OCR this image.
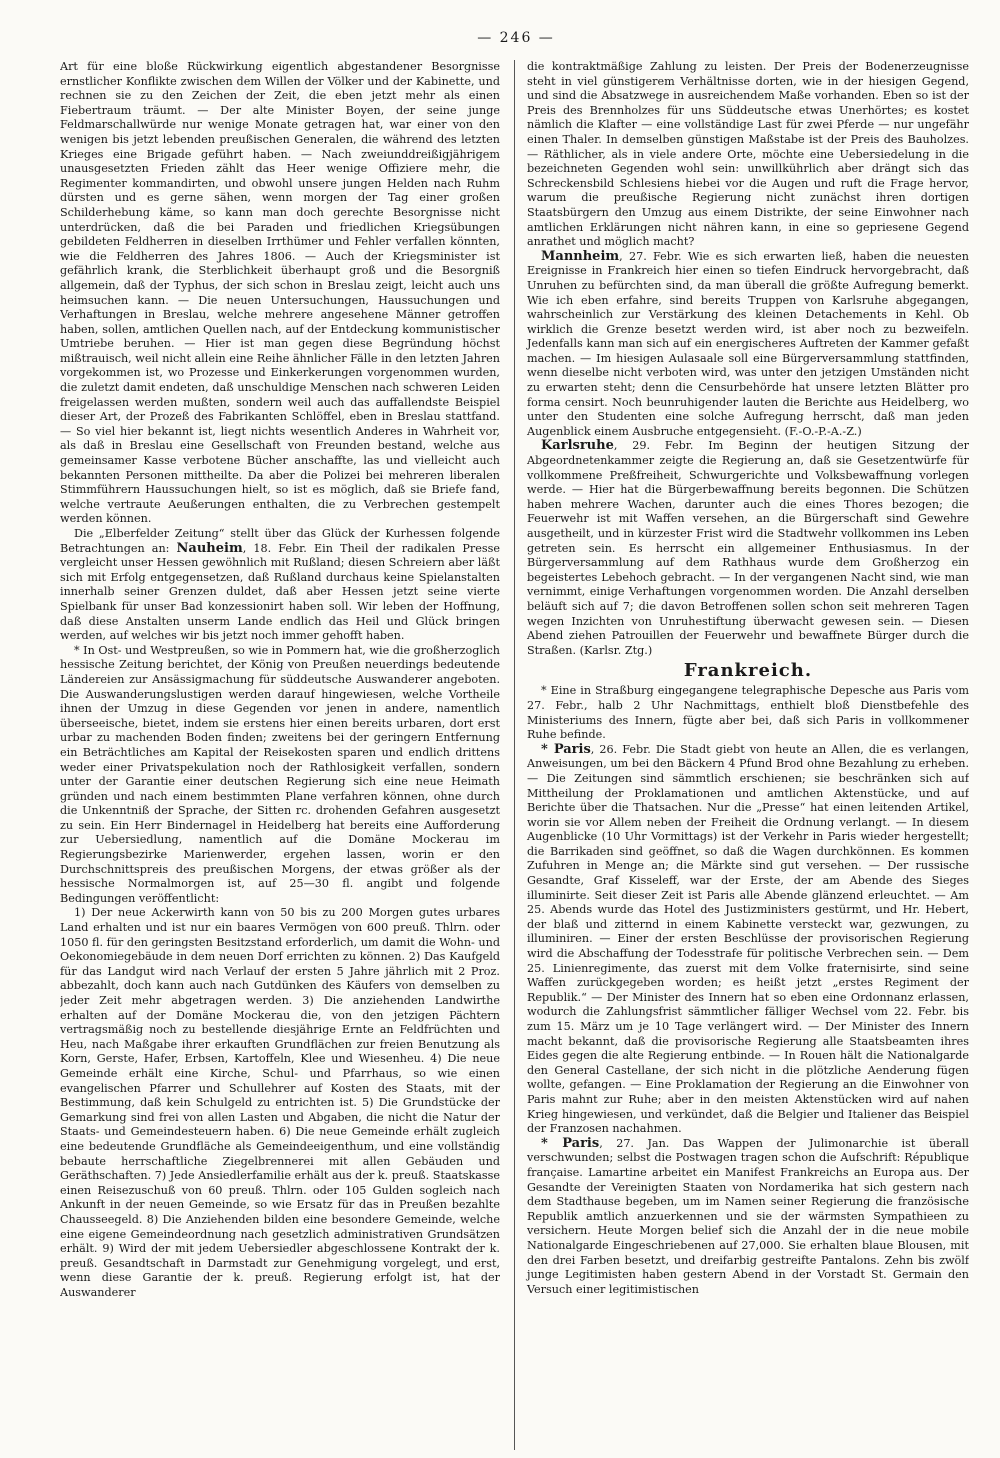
— 246 —

Art für eine bloße Rückwirkung eigentlich abgestandener Besorgnisse ernstlicher Konflikte zwischen dem Willen der Völker und der Kabinette, und rechnen sie zu den Zeichen der Zeit, die eben jetzt mehr als einen Fiebertraum träumt. — Der alte Minister Boyen, der seine junge Feldmarschallwürde nur wenige Monate getragen hat, war einer von den wenigen bis jetzt lebenden preußischen Generalen, die während des letzten Krieges eine Brigade geführt haben. — Nach zweiunddreißigjährigem unausgesetzten Frieden zählt das Heer wenige Offiziere mehr, die Regimenter kommandirten, und obwohl unsere jungen Helden nach Ruhm dürsten und es gerne sähen, wenn morgen der Tag einer großen Schilderhebung käme, so kann man doch gerechte Besorgnisse nicht unterdrücken, daß die bei Paraden und friedlichen Kriegsübungen gebildeten Feldherren in dieselben Irrthümer und Fehler verfallen könnten, wie die Feldherren des Jahres 1806. — Auch der Kriegsminister ist gefährlich krank, die Sterblichkeit überhaupt groß und die Besorgniß allgemein, daß der Typhus, der sich schon in Breslau zeigt, leicht auch uns heimsuchen kann. — Die neuen Untersuchungen, Haussuchungen und Verhaftungen in Breslau, welche mehrere angesehene Männer getroffen haben, sollen, amtlichen Quellen nach, auf der Entdeckung kommunistischer Umtriebe beruhen. — Hier ist man gegen diese Begründung höchst mißtrauisch, weil nicht allein eine Reihe ähnlicher Fälle in den letzten Jahren vorgekommen ist, wo Prozesse und Einkerkerungen vorgenommen wurden, die zuletzt damit endeten, daß unschuldige Menschen nach schweren Leiden freigelassen werden mußten, sondern weil auch das auffallendste Beispiel dieser Art, der Prozeß des Fabrikanten Schlöffel, eben in Breslau stattfand. — So viel hier bekannt ist, liegt nichts wesentlich Anderes in Wahrheit vor, als daß in Breslau eine Gesellschaft von Freunden bestand, welche aus gemeinsamer Kasse verbotene Bücher anschaffte, las und vielleicht auch bekannten Personen mittheilte. Da aber die Polizei bei mehreren liberalen Stimmführern Haussuchungen hielt, so ist es möglich, daß sie Briefe fand, welche vertraute Aeußerungen enthalten, die zu Verbrechen gestempelt werden können.

Die „Elberfelder Zeitung“ stellt über das Glück der Kurhessen folgende Betrachtungen an: Nauheim, 18. Febr. Ein Theil der radikalen Presse vergleicht unser Hessen gewöhnlich mit Rußland; diesen Schreiern aber läßt sich mit Erfolg entgegensetzen, daß Rußland durchaus keine Spielanstalten innerhalb seiner Grenzen duldet, daß aber Hessen jetzt seine vierte Spielbank für unser Bad konzessionirt haben soll. Wir leben der Hoffnung, daß diese Anstalten unserm Lande endlich das Heil und Glück bringen werden, auf welches wir bis jetzt noch immer gehofft haben.

* In Ost- und Westpreußen, so wie in Pommern hat, wie die großherzoglich hessische Zeitung berichtet, der König von Preußen neuerdings bedeutende Ländereien zur Ansässigmachung für süddeutsche Auswanderer angeboten. Die Auswanderungslustigen werden darauf hingewiesen, welche Vortheile ihnen der Umzug in diese Gegenden vor jenen in andere, namentlich überseeische, bietet, indem sie erstens hier einen bereits urbaren, dort erst urbar zu machenden Boden finden; zweitens bei der geringern Entfernung ein Beträchtliches am Kapital der Reisekosten sparen und endlich drittens weder einer Privatspekulation noch der Rathlosigkeit verfallen, sondern unter der Garantie einer deutschen Regierung sich eine neue Heimath gründen und nach einem bestimmten Plane verfahren können, ohne durch die Unkenntniß der Sprache, der Sitten rc. drohenden Gefahren ausgesetzt zu sein. Ein Herr Bindernagel in Heidelberg hat bereits eine Aufforderung zur Uebersiedlung, namentlich auf die Domäne Mockerau im Regierungsbezirke Marienwerder, ergehen lassen, worin er den Durchschnittspreis des preußischen Morgens, der etwas größer als der hessische Normalmorgen ist, auf 25—30 fl. angibt und folgende Bedingungen veröffentlicht:

1) Der neue Ackerwirth kann von 50 bis zu 200 Morgen gutes urbares Land erhalten und ist nur ein baares Vermögen von 600 preuß. Thlrn. oder 1050 fl. für den geringsten Besitzstand erforderlich, um damit die Wohn- und Oekonomiegebäude in dem neuen Dorf errichten zu können. 2) Das Kaufgeld für das Landgut wird nach Verlauf der ersten 5 Jahre jährlich mit 2 Proz. abbezahlt, doch kann auch nach Gutdünken des Käufers von demselben zu jeder Zeit mehr abgetragen werden. 3) Die anziehenden Landwirthe erhalten auf der Domäne Mockerau die, von den jetzigen Pächtern vertragsmäßig noch zu bestellende diesjährige Ernte an Feldfrüchten und Heu, nach Maßgabe ihrer erkauften Grundflächen zur freien Benutzung als Korn, Gerste, Hafer, Erbsen, Kartoffeln, Klee und Wiesenheu. 4) Die neue Gemeinde erhält eine Kirche, Schul- und Pfarrhaus, so wie einen evangelischen Pfarrer und Schullehrer auf Kosten des Staats, mit der Bestimmung, daß kein Schulgeld zu entrichten ist. 5) Die Grundstücke der Gemarkung sind frei von allen Lasten und Abgaben, die nicht die Natur der Staats- und Gemeindesteuern haben. 6) Die neue Gemeinde erhält zugleich eine bedeutende Grundfläche als Gemeindeeigenthum, und eine vollständig bebaute herrschaftliche Ziegelbrennerei mit allen Gebäuden und Geräthschaften. 7) Jede Ansiedlerfamilie erhält aus der k. preuß. Staatskasse einen Reisezuschuß von 60 preuß. Thlrn. oder 105 Gulden sogleich nach Ankunft in der neuen Gemeinde, so wie Ersatz für das in Preußen bezahlte Chausseegeld. 8) Die Anziehenden bilden eine besondere Gemeinde, welche eine eigene Gemeindeordnung nach gesetzlich administrativen Grundsätzen erhält. 9) Wird der mit jedem Uebersiedler abgeschlossene Kontrakt der k. preuß. Gesandtschaft in Darmstadt zur Genehmigung vorgelegt, und erst, wenn diese Garantie der k. preuß. Regierung erfolgt ist, hat der Auswanderer

die kontraktmäßige Zahlung zu leisten. Der Preis der Bodenerzeugnisse steht in viel günstigerem Verhältnisse dorten, wie in der hiesigen Gegend, und sind die Absatzwege in ausreichendem Maße vorhanden. Eben so ist der Preis des Brennholzes für uns Süddeutsche etwas Unerhörtes; es kostet nämlich die Klafter — eine vollständige Last für zwei Pferde — nur ungefähr einen Thaler. In demselben günstigen Maßstabe ist der Preis des Bauholzes. — Räthlicher, als in viele andere Orte, möchte eine Uebersiedelung in die bezeichneten Gegenden wohl sein: unwillkührlich aber drängt sich das Schreckensbild Schlesiens hiebei vor die Augen und ruft die Frage hervor, warum die preußische Regierung nicht zunächst ihren dortigen Staatsbürgern den Umzug aus einem Distrikte, der seine Einwohner nach amtlichen Erklärungen nicht nähren kann, in eine so gepriesene Gegend anrathet und möglich macht?

Mannheim, 27. Febr. Wie es sich erwarten ließ, haben die neuesten Ereignisse in Frankreich hier einen so tiefen Eindruck hervorgebracht, daß Unruhen zu befürchten sind, da man überall die größte Aufregung bemerkt. Wie ich eben erfahre, sind bereits Truppen von Karlsruhe abgegangen, wahrscheinlich zur Verstärkung des kleinen Detachements in Kehl. Ob wirklich die Grenze besetzt werden wird, ist aber noch zu bezweifeln. Jedenfalls kann man sich auf ein energischeres Auftreten der Kammer gefaßt machen. — Im hiesigen Aulasaale soll eine Bürgerversammlung stattfinden, wenn dieselbe nicht verboten wird, was unter den jetzigen Umständen nicht zu erwarten steht; denn die Censurbehörde hat unsere letzten Blätter pro forma censirt. Noch beunruhigender lauten die Berichte aus Heidelberg, wo unter den Studenten eine solche Aufregung herrscht, daß man jeden Augenblick einem Ausbruche entgegensieht. (F.-O.-P.-A.-Z.)

Karlsruhe, 29. Febr. Im Beginn der heutigen Sitzung der Abgeordnetenkammer zeigte die Regierung an, daß sie Gesetzentwürfe für vollkommene Preßfreiheit, Schwurgerichte und Volksbewaffnung vorlegen werde. — Hier hat die Bürgerbewaffnung bereits begonnen. Die Schützen haben mehrere Wachen, darunter auch die eines Thores bezogen; die Feuerwehr ist mit Waffen versehen, an die Bürgerschaft sind Gewehre ausgetheilt, und in kürzester Frist wird die Stadtwehr vollkommen ins Leben getreten sein. Es herrscht ein allgemeiner Enthusiasmus. In der Bürgerversammlung auf dem Rathhaus wurde dem Großherzog ein begeistertes Lebehoch gebracht. — In der vergangenen Nacht sind, wie man vernimmt, einige Verhaftungen vorgenommen worden. Die Anzahl derselben beläuft sich auf 7; die davon Betroffenen sollen schon seit mehreren Tagen wegen Inzichten von Unruhestiftung überwacht gewesen sein. — Diesen Abend ziehen Patrouillen der Feuerwehr und bewaffnete Bürger durch die Straßen. (Karlsr. Ztg.)

Frankreich.

* Eine in Straßburg eingegangene telegraphische Depesche aus Paris vom 27. Febr., halb 2 Uhr Nachmittags, enthielt bloß Dienstbefehle des Ministeriums des Innern, fügte aber bei, daß sich Paris in vollkommener Ruhe befinde.

* Paris, 26. Febr. Die Stadt giebt von heute an Allen, die es verlangen, Anweisungen, um bei den Bäckern 4 Pfund Brod ohne Bezahlung zu erheben. — Die Zeitungen sind sämmtlich erschienen; sie beschränken sich auf Mittheilung der Proklamationen und amtlichen Aktenstücke, und auf Berichte über die Thatsachen. Nur die „Presse“ hat einen leitenden Artikel, worin sie vor Allem neben der Freiheit die Ordnung verlangt. — In diesem Augenblicke (10 Uhr Vormittags) ist der Verkehr in Paris wieder hergestellt; die Barrikaden sind geöffnet, so daß die Wagen durchkönnen. Es kommen Zufuhren in Menge an; die Märkte sind gut versehen. — Der russische Gesandte, Graf Kisseleff, war der Erste, der am Abende des Sieges illuminirte. Seit dieser Zeit ist Paris alle Abende glänzend erleuchtet. — Am 25. Abends wurde das Hotel des Justizministers gestürmt, und Hr. Hebert, der blaß und zitternd in einem Kabinette versteckt war, gezwungen, zu illuminiren. — Einer der ersten Beschlüsse der provisorischen Regierung wird die Abschaffung der Todesstrafe für politische Verbrechen sein. — Dem 25. Linienregimente, das zuerst mit dem Volke fraternisirte, sind seine Waffen zurückgegeben worden; es heißt jetzt „erstes Regiment der Republik.“ — Der Minister des Innern hat so eben eine Ordonnanz erlassen, wodurch die Zahlungsfrist sämmtlicher fälliger Wechsel vom 22. Febr. bis zum 15. März um je 10 Tage verlängert wird. — Der Minister des Innern macht bekannt, daß die provisorische Regierung alle Staatsbeamten ihres Eides gegen die alte Regierung entbinde. — In Rouen hält die Nationalgarde den General Castellane, der sich nicht in die plötzliche Aenderung fügen wollte, gefangen. — Eine Proklamation der Regierung an die Einwohner von Paris mahnt zur Ruhe; aber in den meisten Aktenstücken wird auf nahen Krieg hingewiesen, und verkündet, daß die Belgier und Italiener das Beispiel der Franzosen nachahmen.

* Paris, 27. Jan. Das Wappen der Julimonarchie ist überall verschwunden; selbst die Postwagen tragen schon die Aufschrift: République française. Lamartine arbeitet ein Manifest Frankreichs an Europa aus. Der Gesandte der Vereinigten Staaten von Nordamerika hat sich gestern nach dem Stadthause begeben, um im Namen seiner Regierung die französische Republik amtlich anzuerkennen und sie der wärmsten Sympathieen zu versichern. Heute Morgen belief sich die Anzahl der in die neue mobile Nationalgarde Eingeschriebenen auf 27,000. Sie erhalten blaue Blousen, mit den drei Farben besetzt, und dreifarbig gestreifte Pantalons. Zehn bis zwölf junge Legitimisten haben gestern Abend in der Vorstadt St. Germain den Versuch einer legitimistischen
